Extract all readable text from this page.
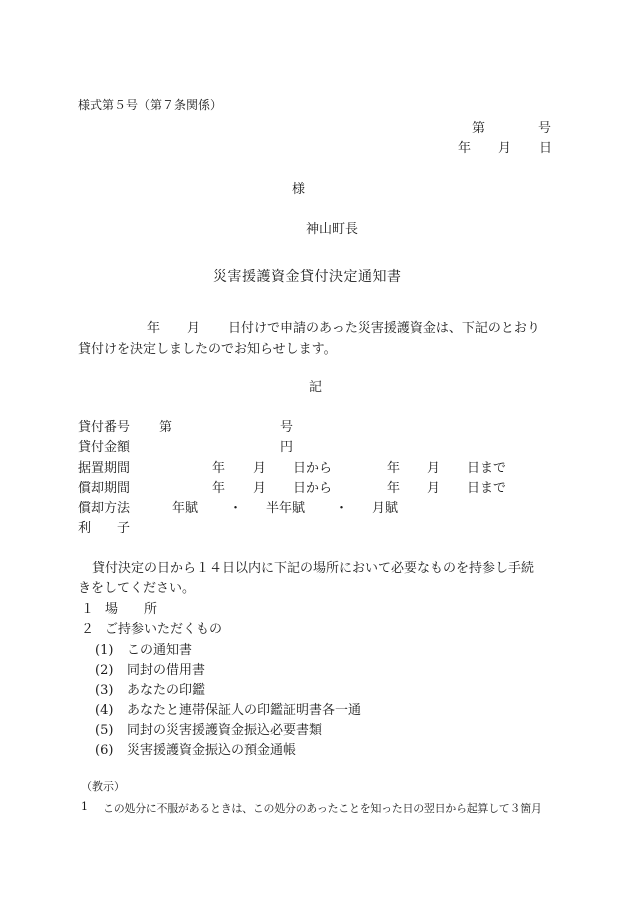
様式第５号（第７条関係）
第	号
年 月 日
様
神山町長
災害援護資金貸付決定通知書
年 月 日付けで申請のあった災害援護資金は、下記のとおり
貸付けを決定しましたのでお知らせします。
記
貸付番号 第	号
貸付金額	円
据置期間	年 月 日から	年 月 日まで
償却期間	年 月 日から	年 月 日まで
償却方法	年賦 ・ 半年賦 ・ 月賦
利　　子
貸付決定の日から１４日以内に下記の場所において必要なものを持参し手続
きをしてください。
１ 場　　所
２ ご持参いただくもの
(1) この通知書
(2) 同封の借用書
(3) あなたの印鑑
(4) あなたと連帯保証人の印鑑証明書各一通
(5) 同封の災害援護資金振込必要書類
(6) 災害援護資金振込の預金通帳
（教示）
1 この処分に不服があるときは、この処分のあったことを知った日の翌日から起算して３箇月
